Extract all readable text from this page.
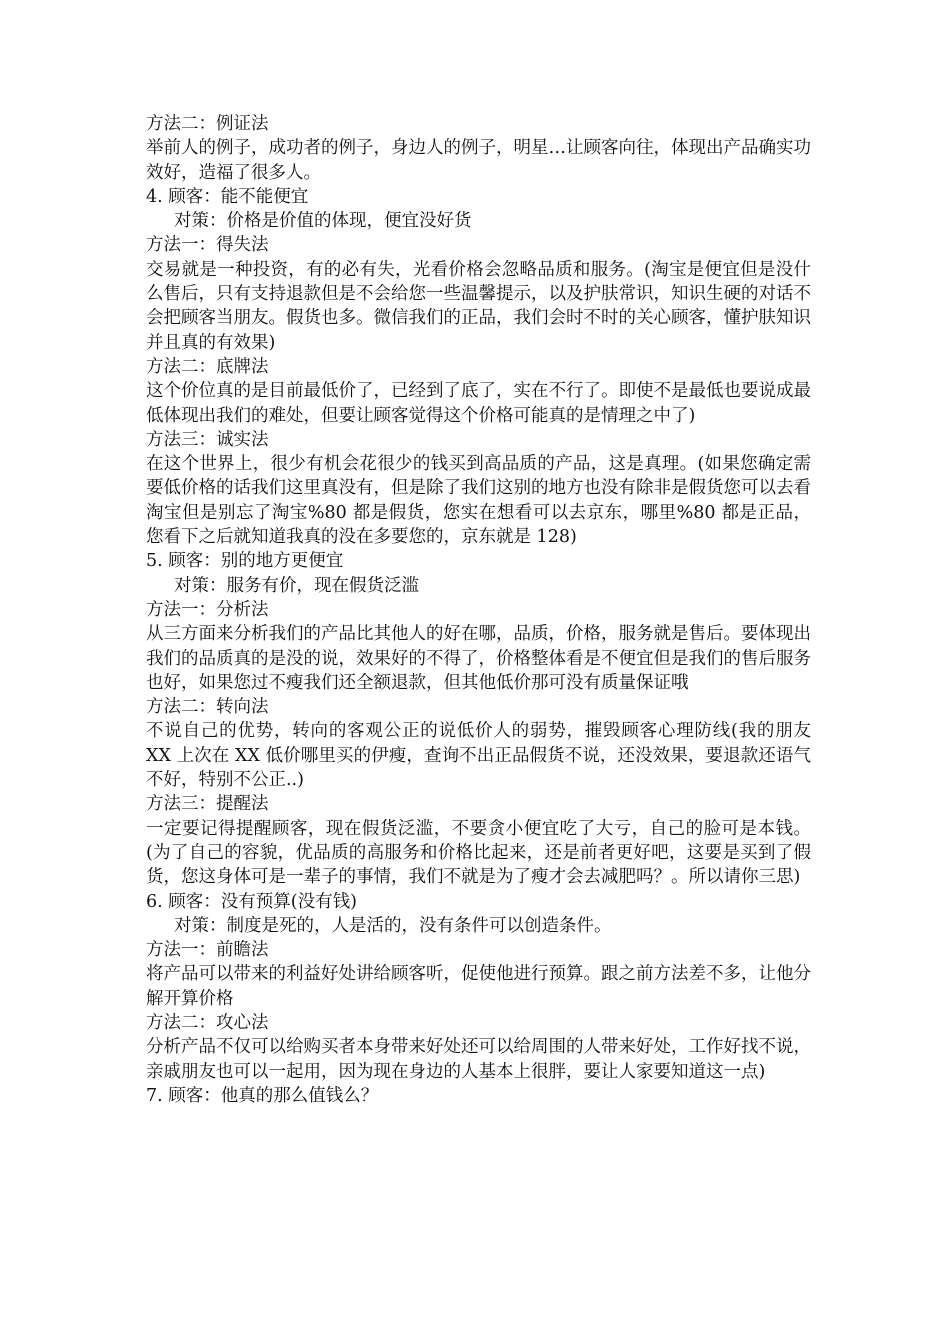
方法二：例证法
举前人的例子，成功者的例子，身边人的例子，明星…让顾客向往，体现出产品确实功效好，造福了很多人。
4. 顾客：能不能便宜
对策：价格是价值的体现，便宜没好货
方法一：得失法
交易就是一种投资，有的必有失，光看价格会忽略品质和服务。(淘宝是便宜但是没什么售后，只有支持退款但是不会给您一些温馨提示，以及护肤常识，知识生硬的对话不会把顾客当朋友。假货也多。微信我们的正品，我们会时不时的关心顾客，懂护肤知识并且真的有效果)
方法二：底牌法
这个价位真的是目前最低价了，已经到了底了，实在不行了。即使不是最低也要说成最低体现出我们的难处，但要让顾客觉得这个价格可能真的是情理之中了)
方法三：诚实法
在这个世界上，很少有机会花很少的钱买到高品质的产品，这是真理。(如果您确定需要低价格的话我们这里真没有，但是除了我们这别的地方也没有除非是假货您可以去看淘宝但是别忘了淘宝%80 都是假货，您实在想看可以去京东，哪里%80 都是正品，您看下之后就知道我真的没在多要您的，京东就是 128)
5. 顾客：别的地方更便宜
对策：服务有价，现在假货泛滥
方法一：分析法
从三方面来分析我们的产品比其他人的好在哪，品质，价格，服务就是售后。要体现出我们的品质真的是没的说，效果好的不得了，价格整体看是不便宜但是我们的售后服务也好，如果您过不瘦我们还全额退款，但其他低价那可没有质量保证哦
方法二：转向法
不说自己的优势，转向的客观公正的说低价人的弱势，摧毁顾客心理防线(我的朋友 XX 上次在 XX 低价哪里买的伊瘦，查询不出正品假货不说，还没效果，要退款还语气不好，特别不公正..)
方法三：提醒法
一定要记得提醒顾客，现在假货泛滥，不要贪小便宜吃了大亏，自己的脸可是本钱。(为了自己的容貌，优品质的高服务和价格比起来，还是前者更好吧，这要是买到了假货，您这身体可是一辈子的事情，我们不就是为了瘦才会去减肥吗？。所以请你三思)
6. 顾客：没有预算(没有钱)
对策：制度是死的，人是活的，没有条件可以创造条件。
方法一：前瞻法
将产品可以带来的利益好处讲给顾客听，促使他进行预算。跟之前方法差不多，让他分解开算价格
方法二：攻心法
分析产品不仅可以给购买者本身带来好处还可以给周围的人带来好处，工作好找不说，亲戚朋友也可以一起用，因为现在身边的人基本上很胖，要让人家要知道这一点)
7. 顾客：他真的那么值钱么？
